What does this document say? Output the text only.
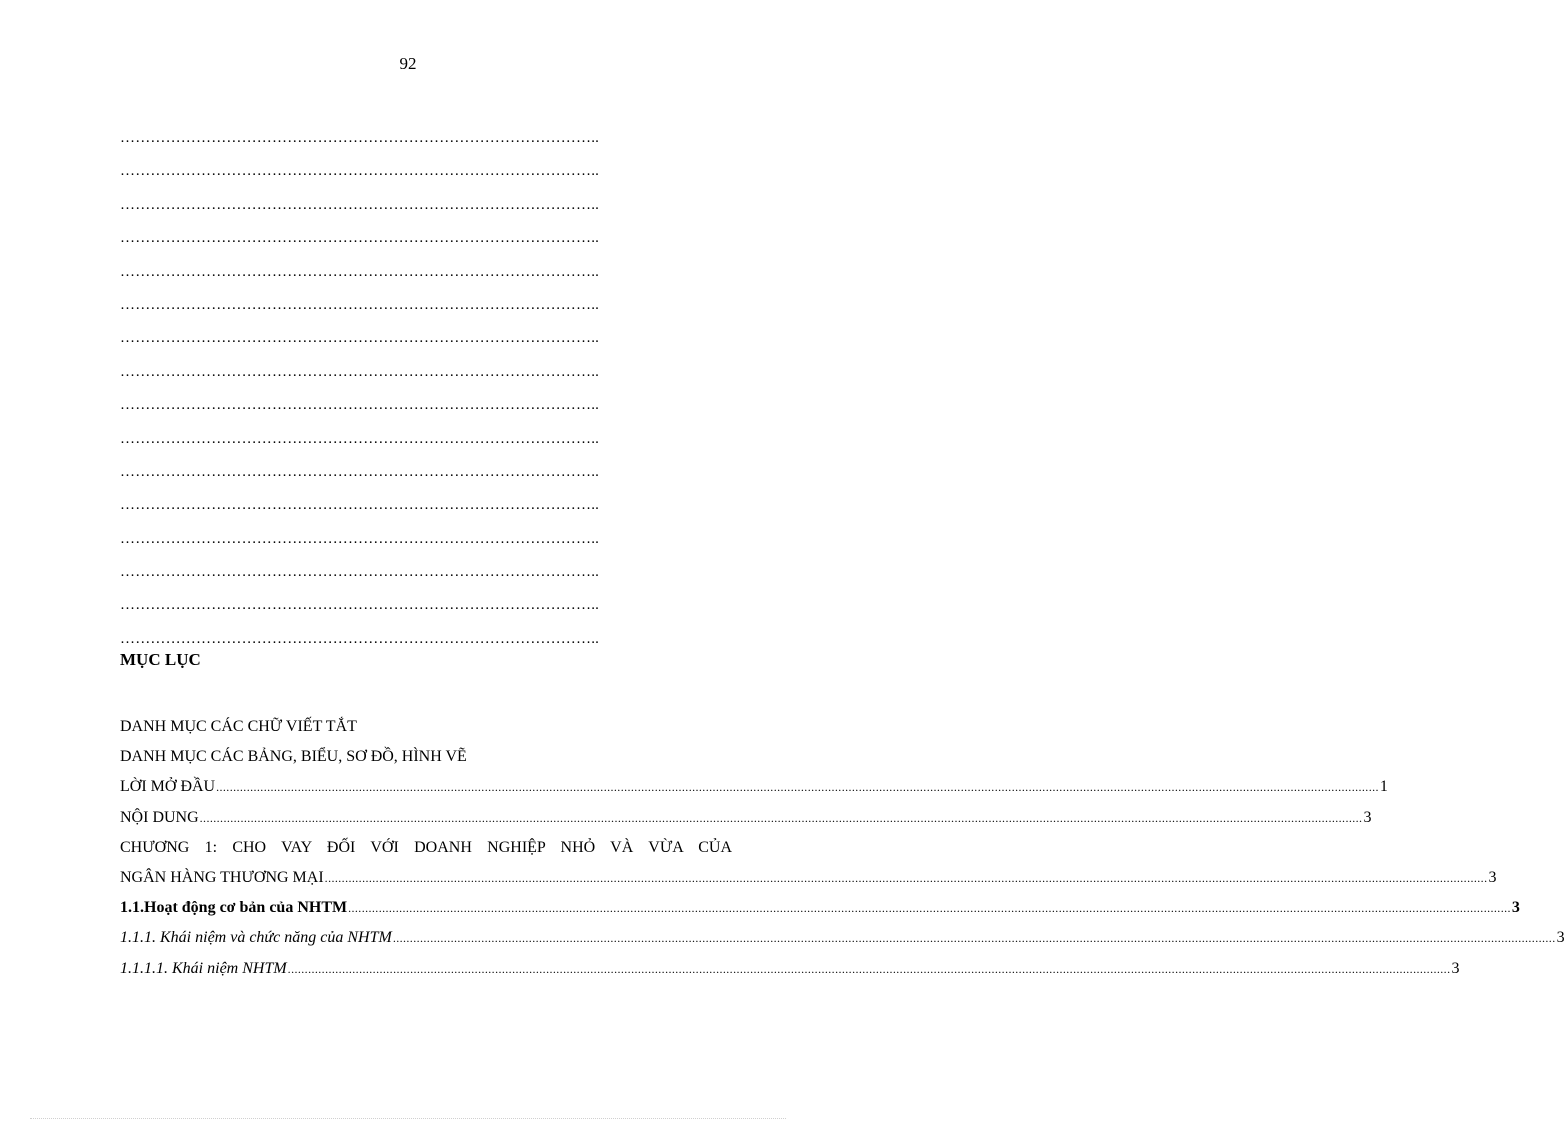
92
…………………………………………………………………………………..
…………………………………………………………………………………..
…………………………………………………………………………………..
…………………………………………………………………………………..
…………………………………………………………………………………..
…………………………………………………………………………………..
…………………………………………………………………………………..
…………………………………………………………………………………..
…………………………………………………………………………………..
…………………………………………………………………………………..
…………………………………………………………………………………..
…………………………………………………………………………………..
…………………………………………………………………………………..
…………………………………………………………………………………..
…………………………………………………………………………………..
…………………………………………………………………………………..
MỤC LỤC
DANH MỤC CÁC CHỮ VIẾT TẮT
DANH MỤC CÁC BẢNG, BIỂU, SƠ ĐỒ, HÌNH VẼ
LỜI MỞ ĐẦU ...................................................................................................................................................................................................................................................................................................................................................... 1
NỘI DUNG ...................................................................................................................................................................................................................................................................................................................................................... 3
CHƯƠNG 1: CHO VAY ĐỐI VỚI DOANH NGHIỆP NHỎ VÀ VỪA CỦA
NGÂN HÀNG THƯƠNG MẠI ...................................................................................................................................................................................................................................................................................................................................................... 3
1.1. Hoạt động cơ bản của NHTM ...................................................................................................................................................................................................................................................................................................................................................... 3
1.1.1. Khái niệm và chức năng của NHTM ...................................................................................................................................................................................................................................................................................................................................................... 3
1.1.1.1. Khái niệm NHTM ...................................................................................................................................................................................................................................................................................................................................................... 3
